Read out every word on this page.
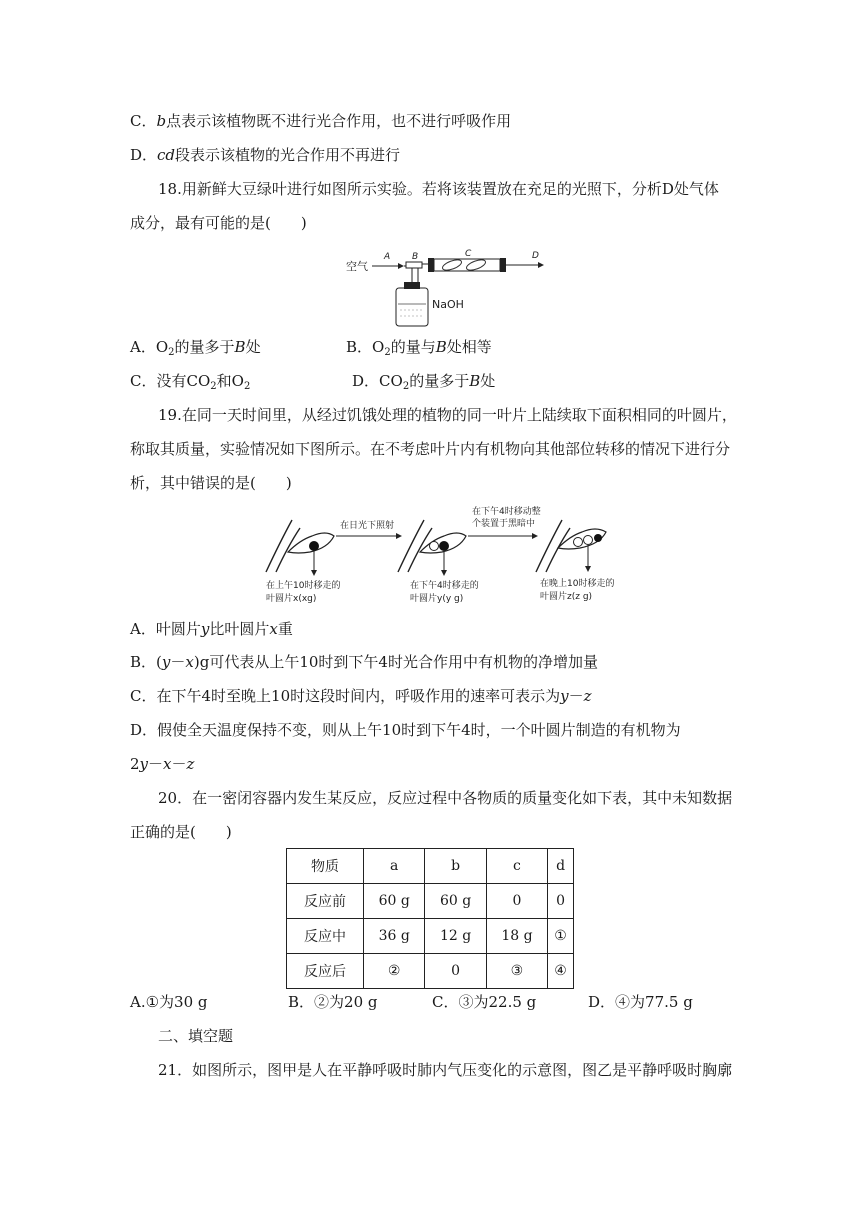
C．b点表示该植物既不进行光合作用，也不进行呼吸作用
D．cd段表示该植物的光合作用不再进行
18.用新鲜大豆绿叶进行如图所示实验。若将该装置放在充足的光照下，分析D处气体
成分，最有可能的是(　　)
空气
A B
NaOH
C	D
A．$O_2$的量多于B处	B．$O_2$的量与B处相等
C．没有$CO_2$和$O_2$	D．$CO_2$的量多于B处
19.在同一天时间里，从经过饥饿处理的植物的同一叶片上陆续取下面积相同的叶圆片，
称取其质量，实验情况如下图所示。在不考虑叶片内有机物向其他部位转移的情况下进行分
析，其中错误的是(　　)
在日光下照射
在下午4时移动整
个装置于黑暗中
在上午10时移走的
叶圆片x(xg)
在下午4时移走的
叶圆片y(y g)
在晚上10时移走的
叶圆片z(z g)
A．叶圆片y比叶圆片x重
B．(y－x)g可代表从上午10时到下午4时光合作用中有机物的净增加量
C．在下午4时至晚上10时这段时间内，呼吸作用的速率可表示为y－z
D．假使全天温度保持不变，则从上午10时到下午4时，一个叶圆片制造的有机物为
2y－x－z
20．在一密闭容器内发生某反应，反应过程中各物质的质量变化如下表，其中未知数据
正确的是(　　)
物质	a	b	c	d
反应前	60 g	60 g	0	0
反应中	36 g	12 g	18 g	①
反应后	②	0	③	④
A.①为30 g	B．②为20 g	C．③为22.5 g	D．④为77.5 g
二、填空题
21．如图所示，图甲是人在平静呼吸时肺内气压变化的示意图，图乙是平静呼吸时胸廓
